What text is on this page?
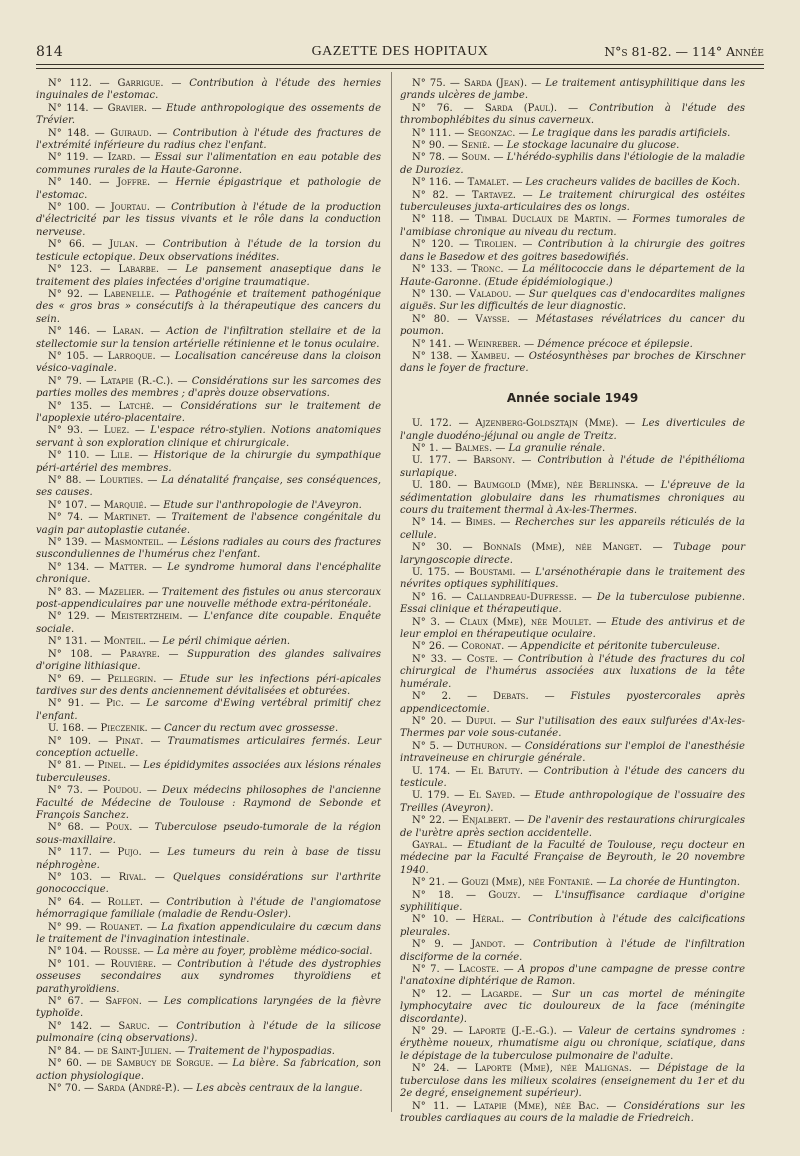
814	GAZETTE DES HOPITAUX	N°s 81-82. — 114° Année

N° 112. — Garrigue. — Contribution à l'étude des hernies inguinales de l'estomac.

N° 114. — Gravier. — Etude anthropologique des ossements de Trévier.

N° 148. — Guiraud. — Contribution à l'étude des fractures de l'extrémité inférieure du radius chez l'enfant.

N° 119. — Izard. — Essai sur l'alimentation en eau potable des communes rurales de la Haute-Garonne.

N° 140. — Joffre. — Hernie épigastrique et pathologie de l'estomac.

N° 100. — Jourtau. — Contribution à l'étude de la production d'électricité par les tissus vivants et le rôle dans la conduction nerveuse.

N° 66. — Julan. — Contribution à l'étude de la torsion du testicule ectopique. Deux observations inédites.

N° 123. — Labarbe. — Le pansement anaseptique dans le traitement des plaies infectées d'origine traumatique.

N° 92. — Labenelle. — Pathogénie et traitement pathogénique des « gros bras » consécutifs à la thérapeutique des cancers du sein.

N° 146. — Laran. — Action de l'infiltration stellaire et de la stellectomie sur la tension artérielle rétinienne et le tonus oculaire.

N° 105. — Larroque. — Localisation cancéreuse dans la cloison vésico-vaginale.

N° 79. — Latapie (R.-C.). — Considérations sur les sarcomes des parties molles des membres ; d'après douze observations.

N° 135. — Latché. — Considérations sur le traitement de l'apoplexie utéro-placentaire.

N° 93. — Luez. — L'espace rétro-stylien. Notions anatomiques servant à son exploration clinique et chirurgicale.

N° 110. — Lile. — Historique de la chirurgie du sympathique péri-artériel des membres.

N° 88. — Lourties. — La dénatalité française, ses conséquences, ses causes.

N° 107. — Marquié. — Etude sur l'anthropologie de l'Aveyron.

N° 74. — Martinet. — Traitement de l'absence congénitale du vagin par autoplastie cutanée.

N° 139. — Masmonteil. — Lésions radiales au cours des fractures susconduliennes de l'humérus chez l'enfant.

N° 134. — Matter. — Le syndrome humoral dans l'encéphalite chronique.

N° 83. — Mazelier. — Traitement des fistules ou anus stercoraux post-appendiculaires par une nouvelle méthode extra-péritonéale.

N° 129. — Meistertzheim. — L'enfance dite coupable. Enquête sociale.

N° 131. — Monteil. — Le péril chimique aérien.

N° 108. — Parayre. — Suppuration des glandes salivaires d'origine lithiasique.

N° 69. — Pellegrin. — Etude sur les infections péri-apicales tardives sur des dents anciennement dévitalisées et obturées.

N° 91. — Pic. — Le sarcome d'Ewing vertébral primitif chez l'enfant.

U. 168. — Pieczenik. — Cancer du rectum avec grossesse.

N° 109. — Pinat. — Traumatismes articulaires fermés. Leur conception actuelle.

N° 81. — Pinel. — Les épididymites associées aux lésions rénales tuberculeuses.

N° 73. — Poudou. — Deux médecins philosophes de l'ancienne Faculté de Médecine de Toulouse : Raymond de Sebonde et François Sanchez.

N° 68. — Poux. — Tuberculose pseudo-tumorale de la région sous-maxillaire.

N° 117. — Pujo. — Les tumeurs du rein à base de tissu néphrogène.

N° 103. — Rival. — Quelques considérations sur l'arthrite gonococcique.

N° 64. — Rollet. — Contribution à l'étude de l'angiomatose hémorragique familiale (maladie de Rendu-Osler).

N° 99. — Rouanet. — La fixation appendiculaire du cæcum dans le traitement de l'invagination intestinale.

N° 104. — Rousse. — La mère au foyer, problème médico-social.

N° 101. — Rouvière. — Contribution à l'étude des dystrophies osseuses secondaires aux syndromes thyroïdiens et parathyroïdiens.

N° 67. — Saffon. — Les complications laryngées de la fièvre typhoïde.

N° 142. — Saruc. — Contribution à l'étude de la silicose pulmonaire (cinq observations).

N° 84. — de Saint-Julien. — Traitement de l'hypospadias.

N° 60. — de Sambucy de Sorgue. — La bière. Sa fabrication, son action physiologique.

N° 70. — Sarda (André-P.). — Les abcès centraux de la langue.

N° 75. — Sarda (Jean). — Le traitement antisyphilitique dans les grands ulcères de jambe.

N° 76. — Sarda (Paul). — Contribution à l'étude des thrombophlébites du sinus caverneux.

N° 111. — Segonzac. — Le tragique dans les paradis artificiels.

N° 90. — Senié. — Le stockage lacunaire du glucose.

N° 78. — Soum. — L'hérédo-syphilis dans l'étiologie de la maladie de Duroziez.

N° 116. — Tamalet. — Les cracheurs valides de bacilles de Koch.

N° 82. — Tartavez. — Le traitement chirurgical des ostéites tuberculeuses juxta-articulaires des os longs.

N° 118. — Timbal Duclaux de Martin. — Formes tumorales de l'amibiase chronique au niveau du rectum.

N° 120. — Tirolien. — Contribution à la chirurgie des goitres dans le Basedow et des goitres basedowifiés.

N° 133. — Tronc. — La mélitococcie dans le département de la Haute-Garonne. (Etude épidémiologique.)

N° 130. — Valadou. — Sur quelques cas d'endocardites malignes aiguës. Sur les difficultés de leur diagnostic.

N° 80. — Vaysse. — Métastases révélatrices du cancer du poumon.

N° 141. — Weinreber. — Démence précoce et épilepsie.

N° 138. — Xambeu. — Ostéosynthèses par broches de Kirschner dans le foyer de fracture.

Année sociale 1949

U. 172. — Ajzenberg-Goldsztajn (Mme). — Les diverticules de l'angle duodéno-jéjunal ou angle de Treitz.

N° 1. — Balmes. — La granulie rénale.

U. 177. — Barsony. — Contribution à l'étude de l'épithélioma surlapique.

U. 180. — Baumgold (Mme), née Berlinska. — L'épreuve de la sédimentation globulaire dans les rhumatismes chroniques au cours du traitement thermal à Ax-les-Thermes.

N° 14. — Bimes. — Recherches sur les appareils réticulés de la cellule.

N° 30. — Bonnaïs (Mme), née Manget. — Tubage pour laryngoscopie directe.

U. 175. — Boustami. — L'arsénothérapie dans le traitement des névrites optiques syphilitiques.

N° 16. — Callandreau-Dufresse. — De la tuberculose pubienne. Essai clinique et thérapeutique.

N° 3. — Claux (Mme), née Moulet. — Etude des antivirus et de leur emploi en thérapeutique oculaire.

N° 26. — Coronat. — Appendicite et péritonite tuberculeuse.

N° 33. — Coste. — Contribution à l'étude des fractures du col chirurgical de l'humérus associées aux luxations de la tête humérale.

N° 2. — Debats. — Fistules pyostercorales après appendicectomie.

N° 20. — Dupui. — Sur l'utilisation des eaux sulfurées d'Ax-les-Thermes par voie sous-cutanée.

N° 5. — Duthuron. — Considérations sur l'emploi de l'anesthésie intraveineuse en chirurgie générale.

U. 174. — El Batuty. — Contribution à l'étude des cancers du testicule.

U. 179. — El Sayed. — Etude anthropologique de l'ossuaire des Treilles (Aveyron).

N° 22. — Enjalbert. — De l'avenir des restaurations chirurgicales de l'urètre après section accidentelle.

Gayral. — Etudiant de la Faculté de Toulouse, reçu docteur en médecine par la Faculté Française de Beyrouth, le 20 novembre 1940.

N° 21. — Gouzi (Mme), née Fontanié. — La chorée de Huntington.

N° 18. — Gouzy. — L'insuffisance cardiaque d'origine syphilitique.

N° 10. — Héral. — Contribution à l'étude des calcifications pleurales.

N° 9. — Jandot. — Contribution à l'étude de l'infiltration disciforme de la cornée.

N° 7. — Lacoste. — A propos d'une campagne de presse contre l'anatoxine diphtérique de Ramon.

N° 12. — Lagarde. — Sur un cas mortel de méningite lymphocytaire avec tic douloureux de la face (méningite discordante).

N° 29. — Laporte (J.-E.-G.). — Valeur de certains syndromes : érythème noueux, rhumatisme aigu ou chronique, sciatique, dans le dépistage de la tuberculose pulmonaire de l'adulte.

N° 24. — Laporte (Mme), née Malignas. — Dépistage de la tuberculose dans les milieux scolaires (enseignement du 1er et du 2e degré, enseignement supérieur).

N° 11. — Latapie (Mme), née Bac. — Considérations sur les troubles cardiaques au cours de la maladie de Friedreich.
